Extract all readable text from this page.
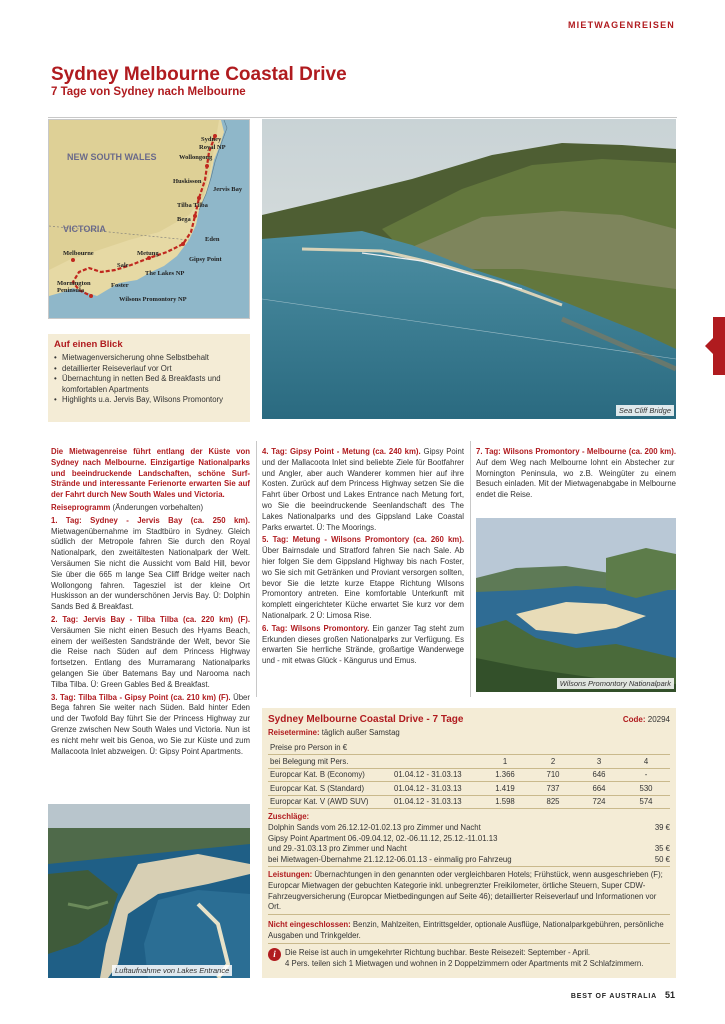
MIETWAGENREISEN
Sydney Melbourne Coastal Drive
7 Tage von Sydney nach Melbourne
NEW SOUTH WALES
VICTORIA
Sydney
Royal NP
Wollongong
Huskisson
Jervis Bay
Tilba Tilba
Bega
Eden
Melbourne
Sale
Metung
Gipsy Point
The Lakes NP
Mornington Peninsula
Foster
Wilsons Promontory NP
Auf einen Blick
• Mietwagenversicherung ohne Selbstbehalt
• detaillierter Reiseverlauf vor Ort
• Übernachtung in netten Bed & Breakfasts und komfortablen Apartments
• Highlights u.a. Jervis Bay, Wilsons Promontory
Sea Cliff Bridge

Die Mietwagenreise führt entlang der Küste von Sydney nach Melbourne. Einzigartige Nationalparks und beeindruckende Landschaften, schöne Surf-Strände und interessante Ferienorte erwarten Sie auf der Fahrt durch New South Wales und Victoria.

Reiseprogramm (Änderungen vorbehalten)

1. Tag: Sydney - Jervis Bay (ca. 250 km). Mietwagenübernahme im Stadtbüro in Sydney. Gleich südlich der Metropole fahren Sie durch den Royal Nationalpark, den zweitältesten Nationalpark der Welt. Versäumen Sie nicht die Aussicht vom Bald Hill, bevor Sie über die 665 m lange Sea Cliff Bridge weiter nach Wollongong fahren. Tagesziel ist der kleine Ort Huskisson an der wunderschönen Jervis Bay. Ü: Dolphin Sands Bed & Breakfast.

2. Tag: Jervis Bay - Tilba Tilba (ca. 220 km) (F). Versäumen Sie nicht einen Besuch des Hyams Beach, einem der weißesten Sandstrände der Welt, bevor Sie die Reise nach Süden auf dem Princess Highway fortsetzen. Entlang des Murramarang Nationalparks gelangen Sie über Batemans Bay und Narooma nach Tilba Tilba. Ü: Green Gables Bed & Breakfast.

3. Tag: Tilba Tilba - Gipsy Point (ca. 210 km) (F). Über Bega fahren Sie weiter nach Süden. Bald hinter Eden und der Twofold Bay führt Sie der Princess Highway zur Grenze zwischen New South Wales und Victoria. Nun ist es nicht mehr weit bis Genoa, wo Sie zur Küste und zum Mallacoota Inlet abzweigen. Ü: Gipsy Point Apartments.

4. Tag: Gipsy Point - Metung (ca. 240 km). Gipsy Point und der Mallacoota Inlet sind beliebte Ziele für Bootfahrer und Angler, aber auch Wanderer kommen hier auf ihre Kosten. Zurück auf dem Princess Highway setzen Sie die Fahrt über Orbost und Lakes Entrance nach Metung fort, wo Sie die beeindruckende Seenlandschaft des The Lakes Nationalparks und des Gippsland Lake Coastal Parks erwartet. Ü: The Moorings.

5. Tag: Metung - Wilsons Promontory (ca. 260 km). Über Bairnsdale und Stratford fahren Sie nach Sale. Ab hier folgen Sie dem Gippsland Highway bis nach Foster, wo Sie sich mit Getränken und Proviant versorgen sollten, bevor Sie die letzte kurze Etappe Richtung Wilsons Promontory antreten. Eine komfortable Unterkunft mit komplett eingerichteter Küche erwartet Sie kurz vor dem Nationalpark. 2 Ü: Limosa Rise.

6. Tag: Wilsons Promontory. Ein ganzer Tag steht zum Erkunden dieses großen Nationalparks zur Verfügung. Es erwarten Sie herrliche Strände, großartige Wanderwege und - mit etwas Glück - Kängurus und Emus.

7. Tag: Wilsons Promontory - Melbourne (ca. 200 km). Auf dem Weg nach Melbourne lohnt ein Abstecher zur Mornington Peninsula, wo z.B. Weingüter zu einem Besuch einladen. Mit der Mietwagenabgabe in Melbourne endet die Reise.

Wilsons Promontory Nationalpark
Luftaufnahme von Lakes Entrance
Sydney Melbourne Coastal Drive - 7 Tage	Code: 20294
Reisetermine: täglich außer Samstag
Preise pro Person in €					
bei Belegung mit Pers.		1	2	3	4
Europcar Kat. B (Economy)	01.04.12 - 31.03.13	1.366	710	646	-
Europcar Kat. S (Standard)	01.04.12 - 31.03.13	1.419	737	664	530
Europcar Kat. V (AWD SUV)	01.04.12 - 31.03.13	1.598	825	724	574
Zuschläge:
Dolphin Sands vom 26.12.12-01.02.13 pro Zimmer und Nacht	39 €
Gipsy Point Apartment 06.-09.04.12, 02.-06.11.12, 25.12.-11.01.13
und 29.-31.03.13 pro Zimmer und Nacht	35 €
bei Mietwagen-Übernahme 21.12.12-06.01.13 - einmalig pro Fahrzeug	50 €
Leistungen: Übernachtungen in den genannten oder vergleichbaren Hotels; Frühstück, wenn ausgeschrieben (F); Europcar Mietwagen der gebuchten Kategorie inkl. unbegrenzter Freikilometer, örtliche Steuern, Super CDW-Fahrzeugversicherung (Europcar Mietbedingungen auf Seite 46); detaillierter Reiseverlauf und Informationen vor Ort.
Nicht eingeschlossen: Benzin, Mahlzeiten, Eintrittsgelder, optionale Ausflüge, Nationalparkgebühren, persönliche Ausgaben und Trinkgelder.
i	Die Reise ist auch in umgekehrter Richtung buchbar. Beste Reisezeit: September - April.
4 Pers. teilen sich 1 Mietwagen und wohnen in 2 Doppelzimmern oder Apartments mit 2 Schlafzimmern.
BEST OF AUSTRALIA 51
